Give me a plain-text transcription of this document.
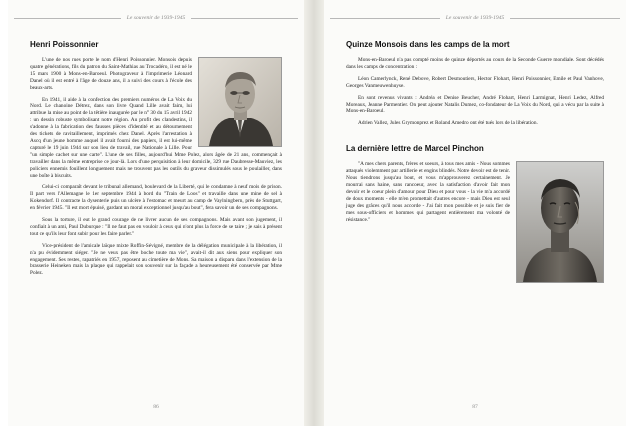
Le souvenir de 1939-1945
Henri Poissonnier

L'une de nos rues porte le nom d'Henri Poissonnier. Monsois depuis quatre générations, fils du patron du Saint-Mathias au Trocadéro, il est né le 15 mars 1900 à Mons-en-Baroeul. Photograveur à l'imprimerie Léonard Danel où il est entré à l'âge de douze ans, il a suivi des cours à l'école des beaux-arts.

En 1941, il aide à la confection des premiers numéros de La Voix du Nord. Le chanoine Détrez, dans son livre Quand Lille avait faim, lui attribue la mise au point de la têtière inaugurée par le n° 30 du 15 avril 1942 : un dessin robuste symbolisant notre région. Au profit des clandestins, il s'adonne à la fabrication des fausses pièces d'identité et au détournement des tickets de ravitaillement, imprimés chez Danel. Après l'arrestation à Ascq d'un jeune homme auquel il avait fourni des papiers, il est lui-même capturé le 19 juin 1944 sur son lieu de travail, rue Nationale à Lille. Pour "un simple cachet sur une carte". L'une de ses filles, aujourd'hui Mme Polez, alors âgée de 21 ans, commençait à travailler dans la même entreprise ce jour-là. Lors d'une perquisition à leur domicile, 329 rue Daubresse-Mauviez, les policiers ennemis fouillent longuement mais ne trouvent pas les outils du graveur dissimulés sous le poulailler, dans une boîte à biscuits.

Celui-ci comparaît devant le tribunal allemand, boulevard de la Liberté, qui le condamne à neuf mois de prison. Il part vers l'Allemagne le 1er septembre 1944 à bord du "Train de Loos" et travaille dans une mine de sel à Kokendorf. Il contracte la dysenterie puis un ulcère à l'estomac et meurt au camp de Vaylningbern, près de Stuttgart, en février 1945. "Il est mort épuisé, gardant un moral exceptionnel jusqu'au bout", fera savoir un de ses compagnons.

Sous la torture, il eut le grand courage de ne livrer aucun de ses compagnons. Mais avant son jugement, il confiait à un ami, Paul Duburque : "Il ne faut pas en vouloir à ceux qui n'ont plus la force de se taire ; je sais à présent tout ce qu'ils leur font subir pour les faire parler."

Vice-président de l'amicale laïque mixte Roffin-Sévigné, membre de la délégation municipale à la libération, il n'a pu évidemment siéger. "Je ne veux pas être boche toute ma vie", avait-il dit aux siens pour expliquer son engagement. Ses restes, rapatriés en 1957, reposent au cimetière de Mons. Sa maison a disparu dans l'extension de la brasserie Heineken mais la plaque qui rappelait son souvenir sur la façade a heureusement été conservée par Mme Polez.

86
Le souvenir de 1939-1945
Quinze Monsois dans les camps de la mort

Mons-en-Baroeul n'a pas compté moins de quinze déportés au cours de la Seconde Guerre mondiale. Sont décédés dans les camps de concentration :

Léon Camerlynck, René Debove, Robert Desmoutiers, Hector Flohart, Henri Poissonnier, Emile et Paul Vanhove, Georges Vanmeuwenhuyse.

En sont revenus vivants : Andréa et Denise Beucher, André Flohart, Henri Larmignat, Henri Ledez, Alfred Moreaux, Jeanne Parmentier. On peut ajouter Natalis Dumez, co-fondateur de La Voix du Nord, qui a vécu par la suite à Mons-en-Baroeul.

Adrien Vallez, Jules Grymonprez et Roland Amedro ont été tués lors de la libération.

La dernière lettre de Marcel Pinchon

"A mes chers parents, frères et soeurs, à tous mes amis - Nous sommes attaqués violemment par artillerie et engins blindés. Notre devoir est de tenir. Nous tiendrons jusqu'au bout, et vous m'approuverez certainement. Je mourrai sans haine, sans rancoeur, avec la satisfaction d'avoir fait mon devoir et le coeur plein d'amour pour Dieu et pour vous - la vie m'a accordé de doux moments - elle m'en promettait d'autres encore - mais Dieu est seul juge des grâces qu'il nous accorde - J'ai fait mon possible et je suis fier de mes sous-officiers et hommes qui partagent entièrement ma volonté de résistance."

87
